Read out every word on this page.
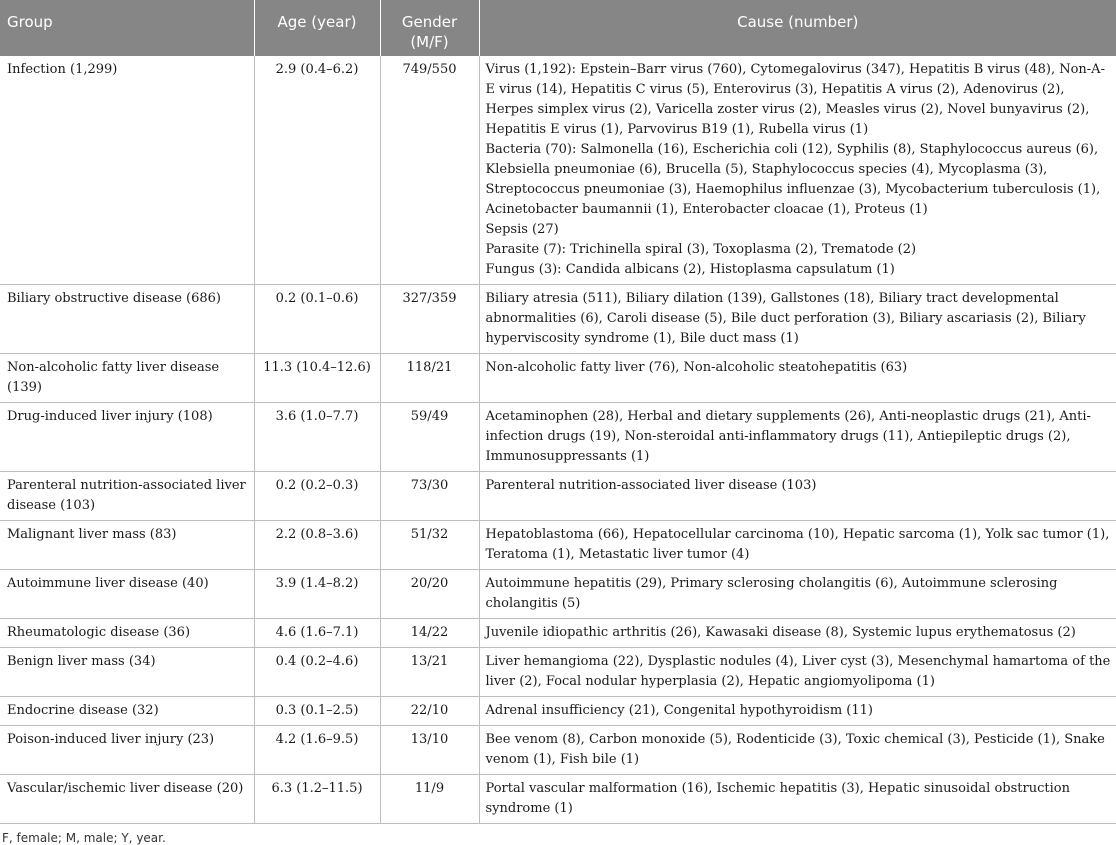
Group	Age (year)	Gender (M/F)	Cause (number)
Infection (1,299)	2.9 (0.4–6.2)	749/550	Virus (1,192): Epstein–Barr virus (760), Cytomegalovirus (347), Hepatitis B virus (48), Non-A-E virus (14), Hepatitis C virus (5), Enterovirus (3), Hepatitis A virus (2), Adenovirus (2), Herpes simplex virus (2), Varicella zoster virus (2), Measles virus (2), Novel bunyavirus (2), Hepatitis E virus (1), Parvovirus B19 (1), Rubella virus (1)
Bacteria (70): Salmonella (16), Escherichia coli (12), Syphilis (8), Staphylococcus aureus (6), Klebsiella pneumoniae (6), Brucella (5), Staphylococcus species (4), Mycoplasma (3), Streptococcus pneumoniae (3), Haemophilus influenzae (3), Mycobacterium tuberculosis (1), Acinetobacter baumannii (1), Enterobacter cloacae (1), Proteus (1)
Sepsis (27)
Parasite (7): Trichinella spiral (3), Toxoplasma (2), Trematode (2)
Fungus (3): Candida albicans (2), Histoplasma capsulatum (1)

Biliary obstructive disease (686)	0.2 (0.1–0.6)	327/359	Biliary atresia (511), Biliary dilation (139), Gallstones (18), Biliary tract developmental abnormalities (6), Caroli disease (5), Bile duct perforation (3), Biliary ascariasis (2), Biliary hyperviscosity syndrome (1), Bile duct mass (1)

Non-alcoholic fatty liver disease (139)	11.3 (10.4–12.6)	118/21	Non-alcoholic fatty liver (76), Non-alcoholic steatohepatitis (63)

Drug-induced liver injury (108)	3.6 (1.0–7.7)	59/49	Acetaminophen (28), Herbal and dietary supplements (26), Anti-neoplastic drugs (21), Anti-infection drugs (19), Non-steroidal anti-inflammatory drugs (11), Antiepileptic drugs (2), Immunosuppressants (1)

Parenteral nutrition-associated liver disease (103)	0.2 (0.2–0.3)	73/30	Parenteral nutrition-associated liver disease (103)

Malignant liver mass (83)	2.2 (0.8–3.6)	51/32	Hepatoblastoma (66), Hepatocellular carcinoma (10), Hepatic sarcoma (1), Yolk sac tumor (1), Teratoma (1), Metastatic liver tumor (4)

Autoimmune liver disease (40)	3.9 (1.4–8.2)	20/20	Autoimmune hepatitis (29), Primary sclerosing cholangitis (6), Autoimmune sclerosing cholangitis (5)

Rheumatologic disease (36)	4.6 (1.6–7.1)	14/22	Juvenile idiopathic arthritis (26), Kawasaki disease (8), Systemic lupus erythematosus (2)

Benign liver mass (34)	0.4 (0.2–4.6)	13/21	Liver hemangioma (22), Dysplastic nodules (4), Liver cyst (3), Mesenchymal hamartoma of the liver (2), Focal nodular hyperplasia (2), Hepatic angiomyolipoma (1)

Endocrine disease (32)	0.3 (0.1–2.5)	22/10	Adrenal insufficiency (21), Congenital hypothyroidism (11)

Poison-induced liver injury (23)	4.2 (1.6–9.5)	13/10	Bee venom (8), Carbon monoxide (5), Rodenticide (3), Toxic chemical (3), Pesticide (1), Snake venom (1), Fish bile (1)

Vascular/ischemic liver disease (20)	6.3 (1.2–11.5)	11/9	Portal vascular malformation (16), Ischemic hepatitis (3), Hepatic sinusoidal obstruction syndrome (1)
F, female; M, male; Y, year.
